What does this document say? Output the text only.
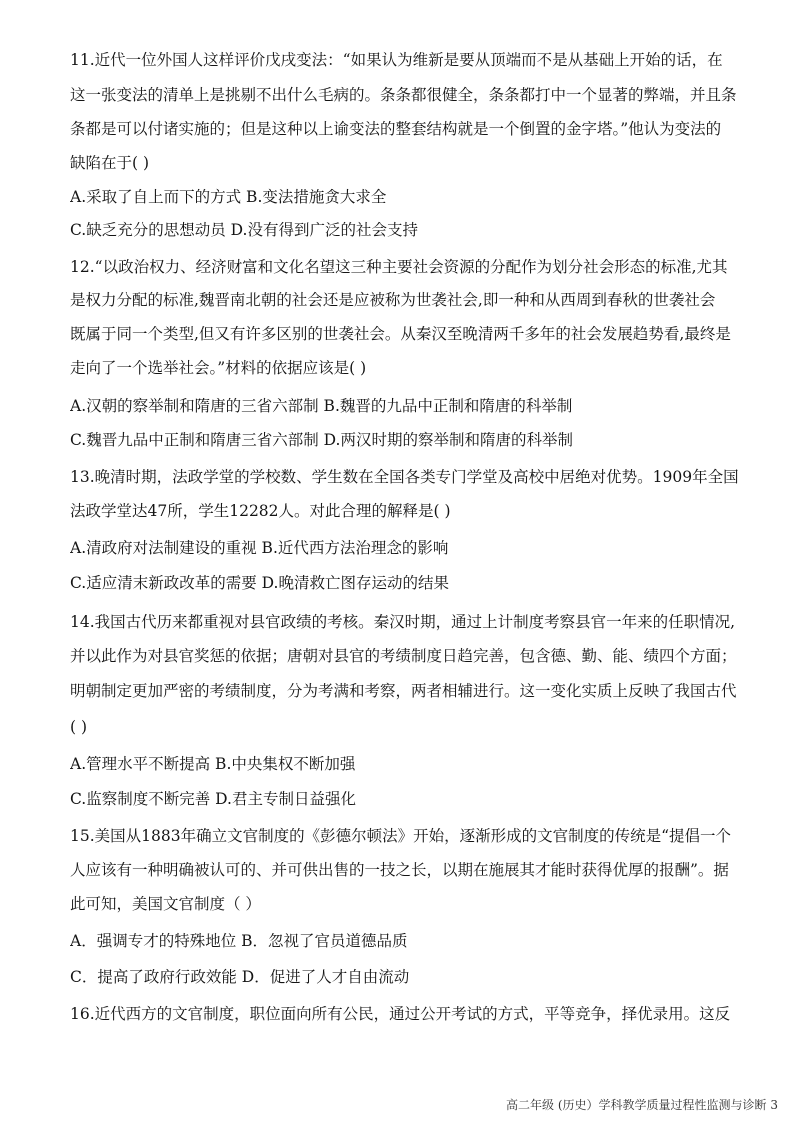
11.近代一位外国人这样评价戊戌变法：“如果认为维新是要从顶端而不是从基础上开始的话，在
这一张变法的清单上是挑剔不出什么毛病的。条条都很健全，条条都打中一个显著的弊端，并且条
条都是可以付诸实施的；但是这种以上谕变法的整套结构就是一个倒置的金字塔。”他认为变法的
缺陷在于( )
A.采取了自上而下的方式 B.变法措施贪大求全
C.缺乏充分的思想动员 D.没有得到广泛的社会支持
12.“以政治权力、经济财富和文化名望这三种主要社会资源的分配作为划分社会形态的标准,尤其
是权力分配的标准,魏晋南北朝的社会还是应被称为世袭社会,即一种和从西周到春秋的世袭社会
既属于同一个类型,但又有许多区别的世袭社会。从秦汉至晚清两千多年的社会发展趋势看,最终是
走向了一个选举社会。”材料的依据应该是( )
A.汉朝的察举制和隋唐的三省六部制 B.魏晋的九品中正制和隋唐的科举制
C.魏晋九品中正制和隋唐三省六部制 D.两汉时期的察举制和隋唐的科举制
13.晚清时期，法政学堂的学校数、学生数在全国各类专门学堂及高校中居绝对优势。1909年全国
法政学堂达47所，学生12282人。对此合理的解释是( )
A.清政府对法制建设的重视 B.近代西方法治理念的影响
C.适应清末新政改革的需要 D.晚清救亡图存运动的结果
14.我国古代历来都重视对县官政绩的考核。秦汉时期，通过上计制度考察县官一年来的任职情况,
并以此作为对县官奖惩的依据；唐朝对县官的考绩制度日趋完善，包含德、勤、能、绩四个方面；
明朝制定更加严密的考绩制度，分为考满和考察，两者相辅进行。这一变化实质上反映了我国古代
( )
A.管理水平不断提高 B.中央集权不断加强
C.监察制度不断完善 D.君主专制日益强化
15.美国从1883年确立文官制度的《彭德尔顿法》开始，逐渐形成的文官制度的传统是“提倡一个
人应该有一种明确被认可的、并可供出售的一技之长，以期在施展其才能时获得优厚的报酬”。据
此可知，美国文官制度（ ）
A．强调专才的特殊地位 B．忽视了官员道德品质
C．提高了政府行政效能 D．促进了人才自由流动
16.近代西方的文官制度，职位面向所有公民，通过公开考试的方式，平等竞争，择优录用。这反
高二年级 (历史）学科教学质量过程性监测与诊断 3
